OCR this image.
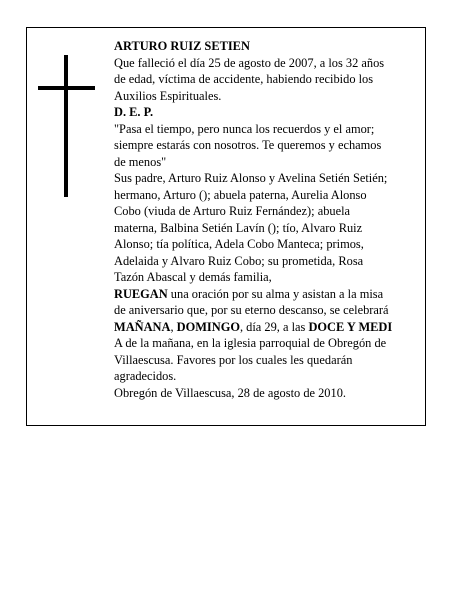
ARTURO RUIZ SETIEN
Que falleció el día 25 de agosto de 2007, a los 32 años
de edad, víctima de accidente, habiendo recibido los
Auxilios Espirituales.
D. E. P.
"Pasa el tiempo, pero nunca los recuerdos y el amor;
siempre estarás con nosotros. Te queremos y echamos
de menos"
Sus padre, Arturo Ruiz Alonso y Avelina Setién Setién;
hermano, Arturo (); abuela paterna, Aurelia Alonso
Cobo (viuda de Arturo Ruiz Fernández); abuela
materna, Balbina Setién Lavín (); tío, Alvaro Ruiz
Alonso; tía política, Adela Cobo Manteca; primos,
Adelaida y Alvaro Ruiz Cobo; su prometida, Rosa
Tazón Abascal y demás familia,
RUEGAN una oración por su alma y asistan a la misa
de aniversario que, por su eterno descanso, se celebrará
MAÑANA, DOMINGO, día 29, a las DOCE Y MEDI
A de la mañana, en la iglesia parroquial de Obregón de
Villaescusa. Favores por los cuales les quedarán
agradecidos.
Obregón de Villaescusa, 28 de agosto de 2010.
